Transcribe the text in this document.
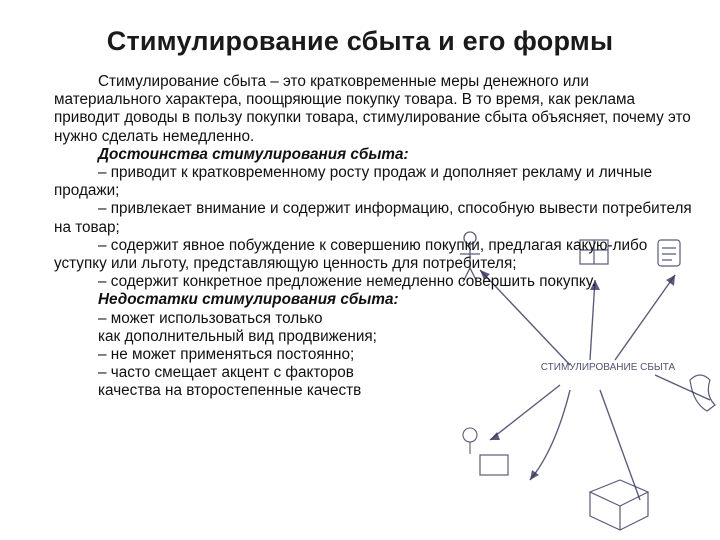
Стимулирование сбыта и его формы
СТИМУЛИРОВАНИЕ СБЫТА

Стимулирование сбыта – это кратковременные меры денежного или материального характера, поощряющие покупку товара. В то время, как реклама приводит доводы в пользу покупки товара, стимулирование сбыта объясняет, почему это нужно сделать немедленно.

Достоинства стимулирования сбыта:

– приводит к кратковременному росту продаж и дополняет рекламу и личные продажи;

– привлекает внимание и содержит информацию, способную вывести потребителя на товар;

– содержит явное побуждение к совершению покупки, предлагая какую-либо уступку или льготу, представляющую ценность для потребителя;

– содержит конкретное предложение немедленно совершить покупку.

Недостатки стимулирования сбыта:

– может использоваться только

как дополнительный вид продвижения;

– не может применяться постоянно;

– часто смещает акцент с факторов

качества на второстепенные качеств
